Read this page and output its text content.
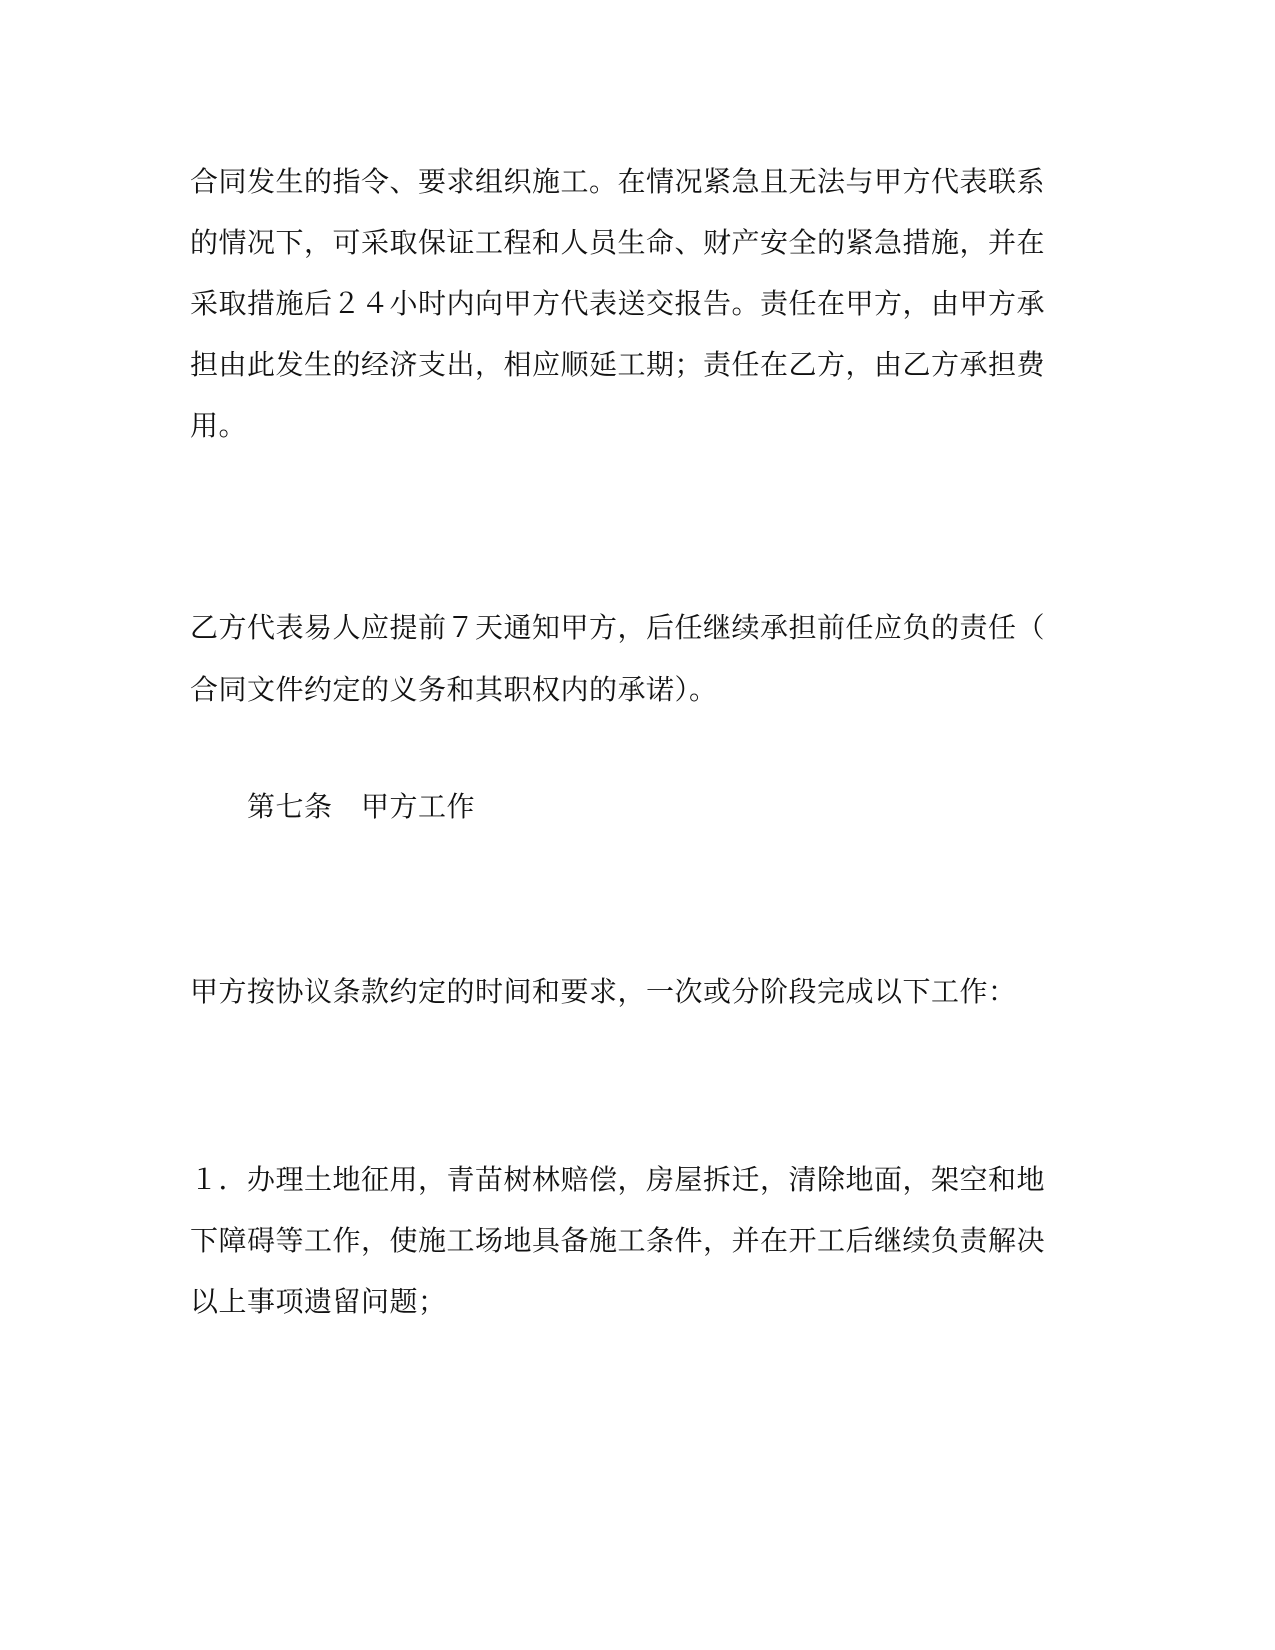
合同发生的指令、要求组织施工。在情况紧急且无法与甲方代表联系
的情况下，可采取保证工程和人员生命、财产安全的紧急措施，并在
采取措施后２４小时内向甲方代表送交报告。责任在甲方，由甲方承
担由此发生的经济支出，相应顺延工期；责任在乙方，由乙方承担费
用。
乙方代表易人应提前７天通知甲方，后任继续承担前任应负的责任（
合同文件约定的义务和其职权内的承诺）。
第七条　甲方工作
甲方按协议条款约定的时间和要求，一次或分阶段完成以下工作：
１．办理土地征用，青苗树林赔偿，房屋拆迁，清除地面，架空和地
下障碍等工作，使施工场地具备施工条件，并在开工后继续负责解决
以上事项遗留问题；
